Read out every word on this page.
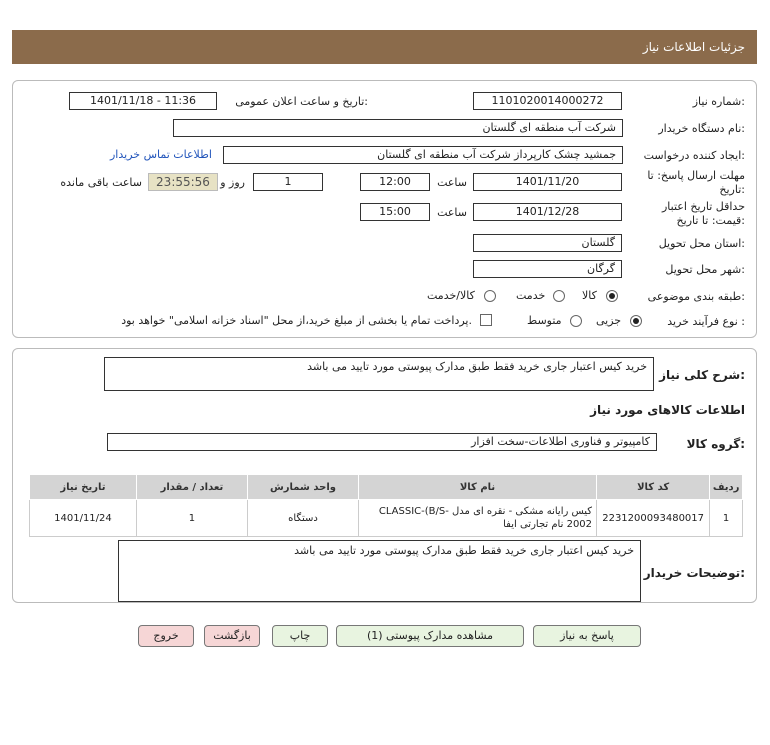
جزئيات اطلاعات نياز
شماره نياز:
1101020014000272
تاريخ و ساعت اعلان عمومی:
1401/11/18 - 11:36
نام دستگاه خريدار:
شرکت آب منطقه ای گلستان
ايجاد کننده درخواست:
جمشيد چشک کارپرداز شرکت آب منطقه ای گلستان
اطلاعات تماس خريدار
مهلت ارسال پاسخ: تا
تاريخ:
1401/11/20
ساعت
12:00
1
روز و
23:55:56
ساعت باقی مانده
حداقل تاريخ اعتبار
قيمت: تا تاريخ:
1401/12/28
ساعت
15:00
استان محل تحويل:
گلستان
شهر محل تحويل:
گرگان
طبقه بندی موضوعی:
کالا
خدمت
کالا/خدمت
نوع فرآيند خريد :
جزيی
متوسط
پرداخت تمام يا بخشی از مبلغ خريد،از محل "اسناد خزانه اسلامی" خواهد بود.
شرح کلی نياز:
خريد کيس اعتبار جاری خريد فقط طبق مدارک پيوستی مورد تاييد می باشد
اطلاعات کالاهای مورد نياز
گروه کالا:
کامپيوتر و فناوری اطلاعات-سخت افزار
رديف	کد کالا	نام کالا	واحد شمارش	تعداد / مقدار	تاريخ نياز
1	2231200093480017	کيس رايانه مشکی - نقره ای مدل CLASSIC-(B/S-2002 نام تجارتی ايفا	دستگاه	1	1401/11/24
توضيحات خريدار:
خريد کيس اعتبار جاری خريد فقط طبق مدارک پيوستی مورد تاييد می باشد
پاسخ به نياز
مشاهده مدارک پيوستی (1)
چاپ
بازگشت
خروج
